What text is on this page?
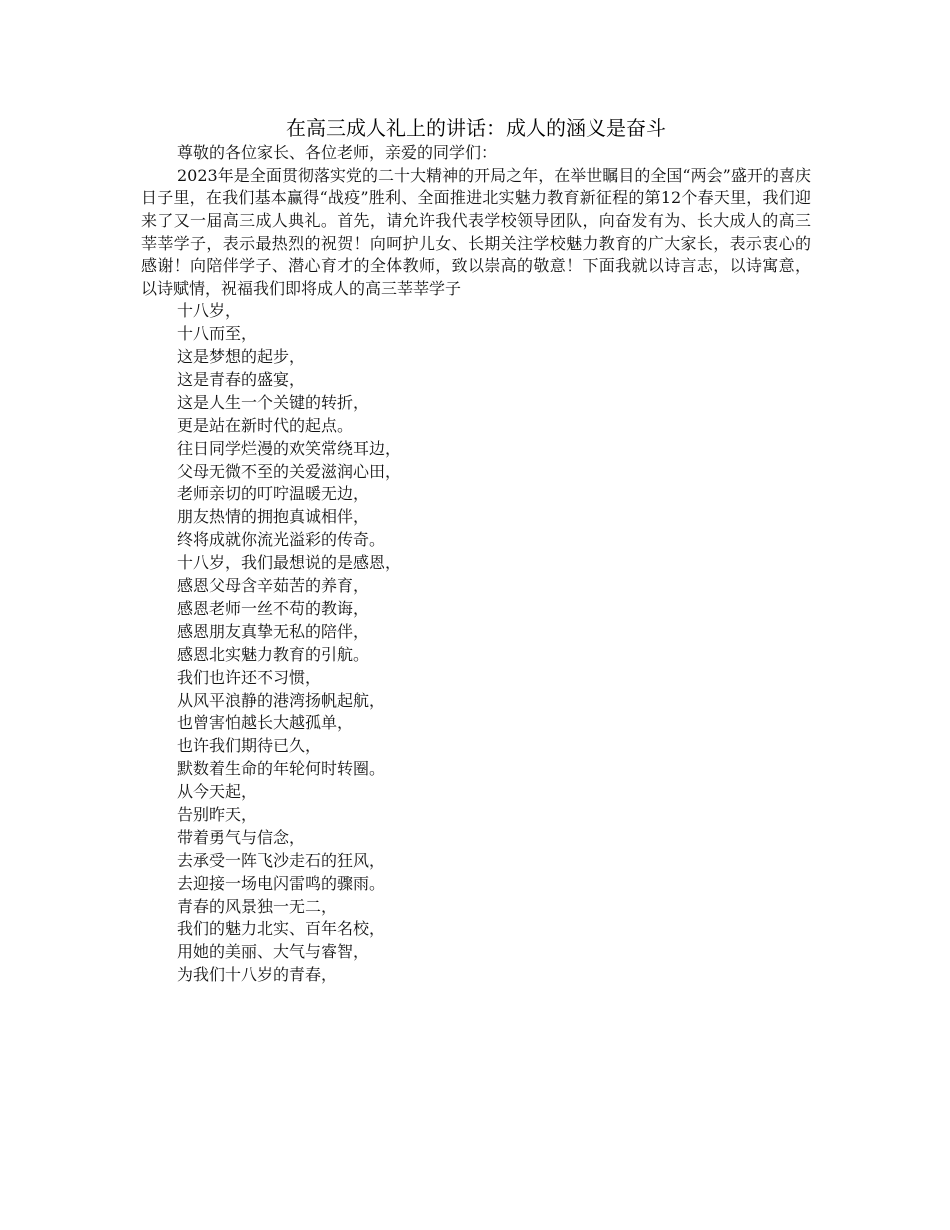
在高三成人礼上的讲话：成人的涵义是奋斗

尊敬的各位家长、各位老师，亲爱的同学们：

2023年是全面贯彻落实党的二十大精神的开局之年，在举世瞩目的全国“两会”盛开的喜庆日子里，在我们基本赢得“战疫”胜利、全面推进北实魅力教育新征程的第12个春天里，我们迎来了又一届高三成人典礼。首先，请允许我代表学校领导团队，向奋发有为、长大成人的高三莘莘学子，表示最热烈的祝贺！向呵护儿女、长期关注学校魅力教育的广大家长，表示衷心的感谢！向陪伴学子、潜心育才的全体教师，致以崇高的敬意！下面我就以诗言志，以诗寓意，以诗赋情，祝福我们即将成人的高三莘莘学子

十八岁，
十八而至，
这是梦想的起步，
这是青春的盛宴，
这是人生一个关键的转折，
更是站在新时代的起点。
往日同学烂漫的欢笑常绕耳边，
父母无微不至的关爱滋润心田，
老师亲切的叮咛温暖无边，
朋友热情的拥抱真诚相伴，
终将成就你流光溢彩的传奇。
十八岁，我们最想说的是感恩，
感恩父母含辛茹苦的养育，
感恩老师一丝不苟的教诲，
感恩朋友真挚无私的陪伴，
感恩北实魅力教育的引航。
我们也许还不习惯，
从风平浪静的港湾扬帆起航，
也曾害怕越长大越孤单，
也许我们期待已久，
默数着生命的年轮何时转圈。
从今天起，
告别昨天，
带着勇气与信念，
去承受一阵飞沙走石的狂风，
去迎接一场电闪雷鸣的骤雨。
青春的风景独一无二，
我们的魅力北实、百年名校，
用她的美丽、大气与睿智，
为我们十八岁的青春，
